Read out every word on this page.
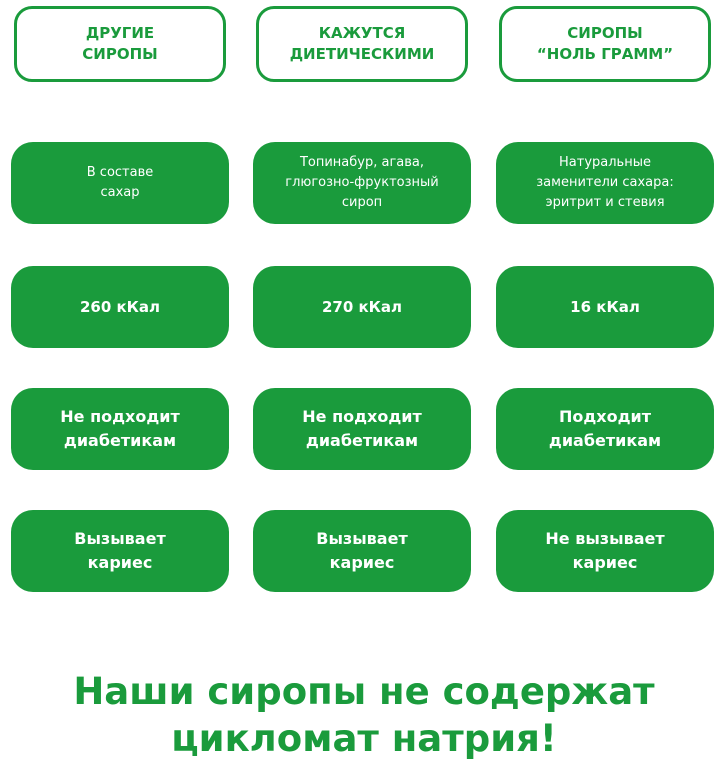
ДРУГИЕ
СИРОПЫ
КАЖУТСЯ
ДИЕТИЧЕСКИМИ
СИРОПЫ
“НОЛЬ ГРАММ”
В составе
сахар
Топинабур, агава,
глюгозно-фруктозный
сироп
Натуральные
заменители сахара:
эритрит и стевия
260 кКал	270 кКал	16 кКал
Не подходит
диабетикам
Не подходит
диабетикам
Подходит
диабетикам
Вызывает
кариес
Вызывает
кариес
Не вызывает
кариес
Наши сиропы не содержат
цикломат натрия!
